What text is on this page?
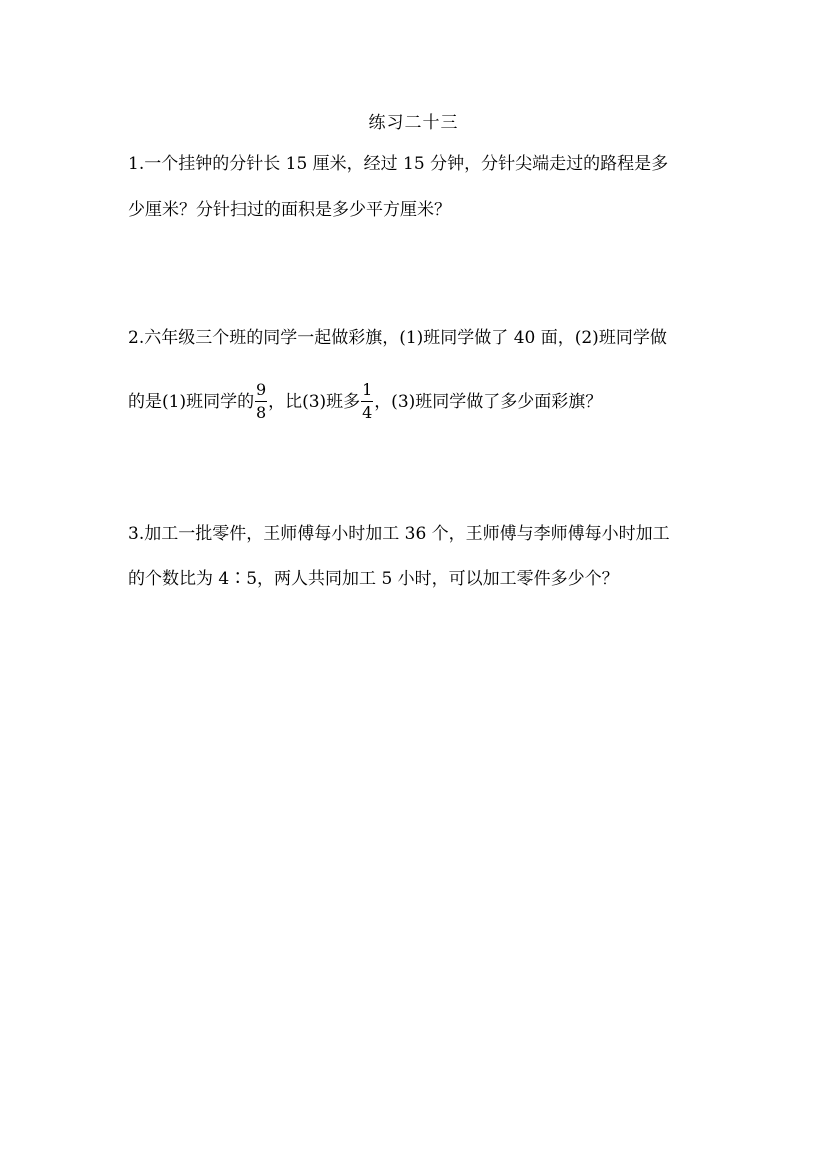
练习二十三
1.一个挂钟的分针长 15 厘米，经过 15 分钟，分针尖端走过的路程是多
少厘米？分针扫过的面积是多少平方厘米？
2.六年级三个班的同学一起做彩旗，(1)班同学做了 40 面，(2)班同学做
的是(1)班同学的 $\frac{9}{8}$ ，比(3)班多 $\frac{1}{4}$ ，(3)班同学做了多少面彩旗？
3.加工一批零件，王师傅每小时加工 36 个，王师傅与李师傅每小时加工
的个数比为 4∶5，两人共同加工 5 小时，可以加工零件多少个？
